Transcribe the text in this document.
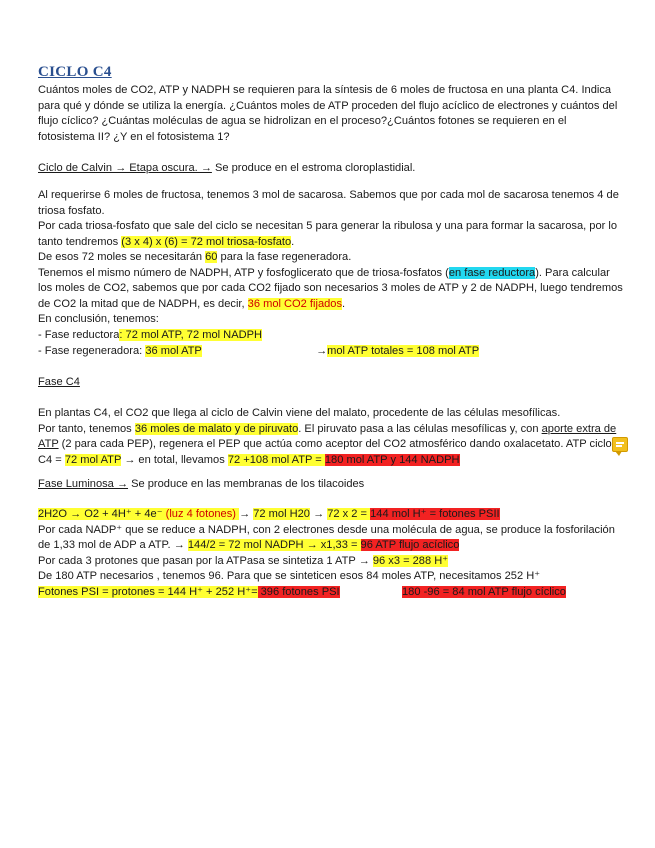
CICLO C4
Cuántos moles de CO2, ATP y NADPH se requieren para la síntesis de 6 moles de fructosa en una planta C4. Indica para qué y dónde se utiliza la energía. ¿Cuántos moles de ATP proceden del flujo acíclico de electrones y cuántos del flujo cíclico? ¿Cuántas moléculas de agua se hidrolizan en el proceso?¿Cuántos fotones se requieren en el fotosistema II? ¿Y en el fotosistema 1?
Ciclo de Calvin → Etapa oscura. → Se produce en el estroma cloroplastidial.
Al requerirse 6 moles de fructosa, tenemos 3 mol de sacarosa. Sabemos que por cada mol de sacarosa tenemos 4 de triosa fosfato.
Por cada triosa-fosfato que sale del ciclo se necesitan 5 para generar la ribulosa y una para formar la sacarosa, por lo tanto tendremos (3 x 4) x (6) = 72 mol triosa-fosfato.
De esos 72 moles se necesitarán 60 para la fase regeneradora.
Tenemos el mismo número de NADPH, ATP y fosfoglicerato que de triosa-fosfatos (en fase reductora). Para calcular los moles de CO2, sabemos que por cada CO2 fijado son necesarios 3 moles de ATP y 2 de NADPH, luego tendremos de CO2 la mitad que de NADPH, es decir, 36 mol CO2 fijados.
En conclusión, tenemos:
- Fase reductora: 72 mol ATP, 72 mol NADPH
- Fase regeneradora: 36 mol ATP	→mol ATP totales = 108 mol ATP
Fase C4
En plantas C4, el CO2 que llega al ciclo de Calvin viene del malato, procedente de las células mesofílicas.
Por tanto, tenemos 36 moles de malato y de piruvato. El piruvato pasa a las células mesofílicas y, con aporte extra de ATP (2 para cada PEP), regenera el PEP que actúa como aceptor del CO2 atmosférico dando oxalacetato. ATP ciclo C4 = 72 mol ATP → en total, llevamos 72 +108 mol ATP = 180 mol ATP y 144 NADPH
Fase Luminosa → Se produce en las membranas de los tilacoides
2H2O → O2 + 4H⁺ + 4e⁻ (luz 4 fotones) → 72 mol H20 → 72 x 2 = 144 mol H⁺ = fotones PSII
Por cada NADP⁺ que se reduce a NADPH, con 2 electrones desde una molécula de agua, se produce la fosforilación de 1,33 mol de ADP a ATP. → 144/2 = 72 mol NADPH → x1,33 = 96 ATP flujo acíclico
Por cada 3 protones que pasan por la ATPasa se sintetiza 1 ATP → 96 x3 = 288 H⁺
De 180 ATP necesarios , tenemos 96. Para que se sinteticen esos 84 moles ATP, necesitamos 252 H⁺
Fotones PSI = protones = 144 H⁺ + 252 H⁺= 396 fotones PSI	180 -96 = 84 mol ATP flujo cíclico
